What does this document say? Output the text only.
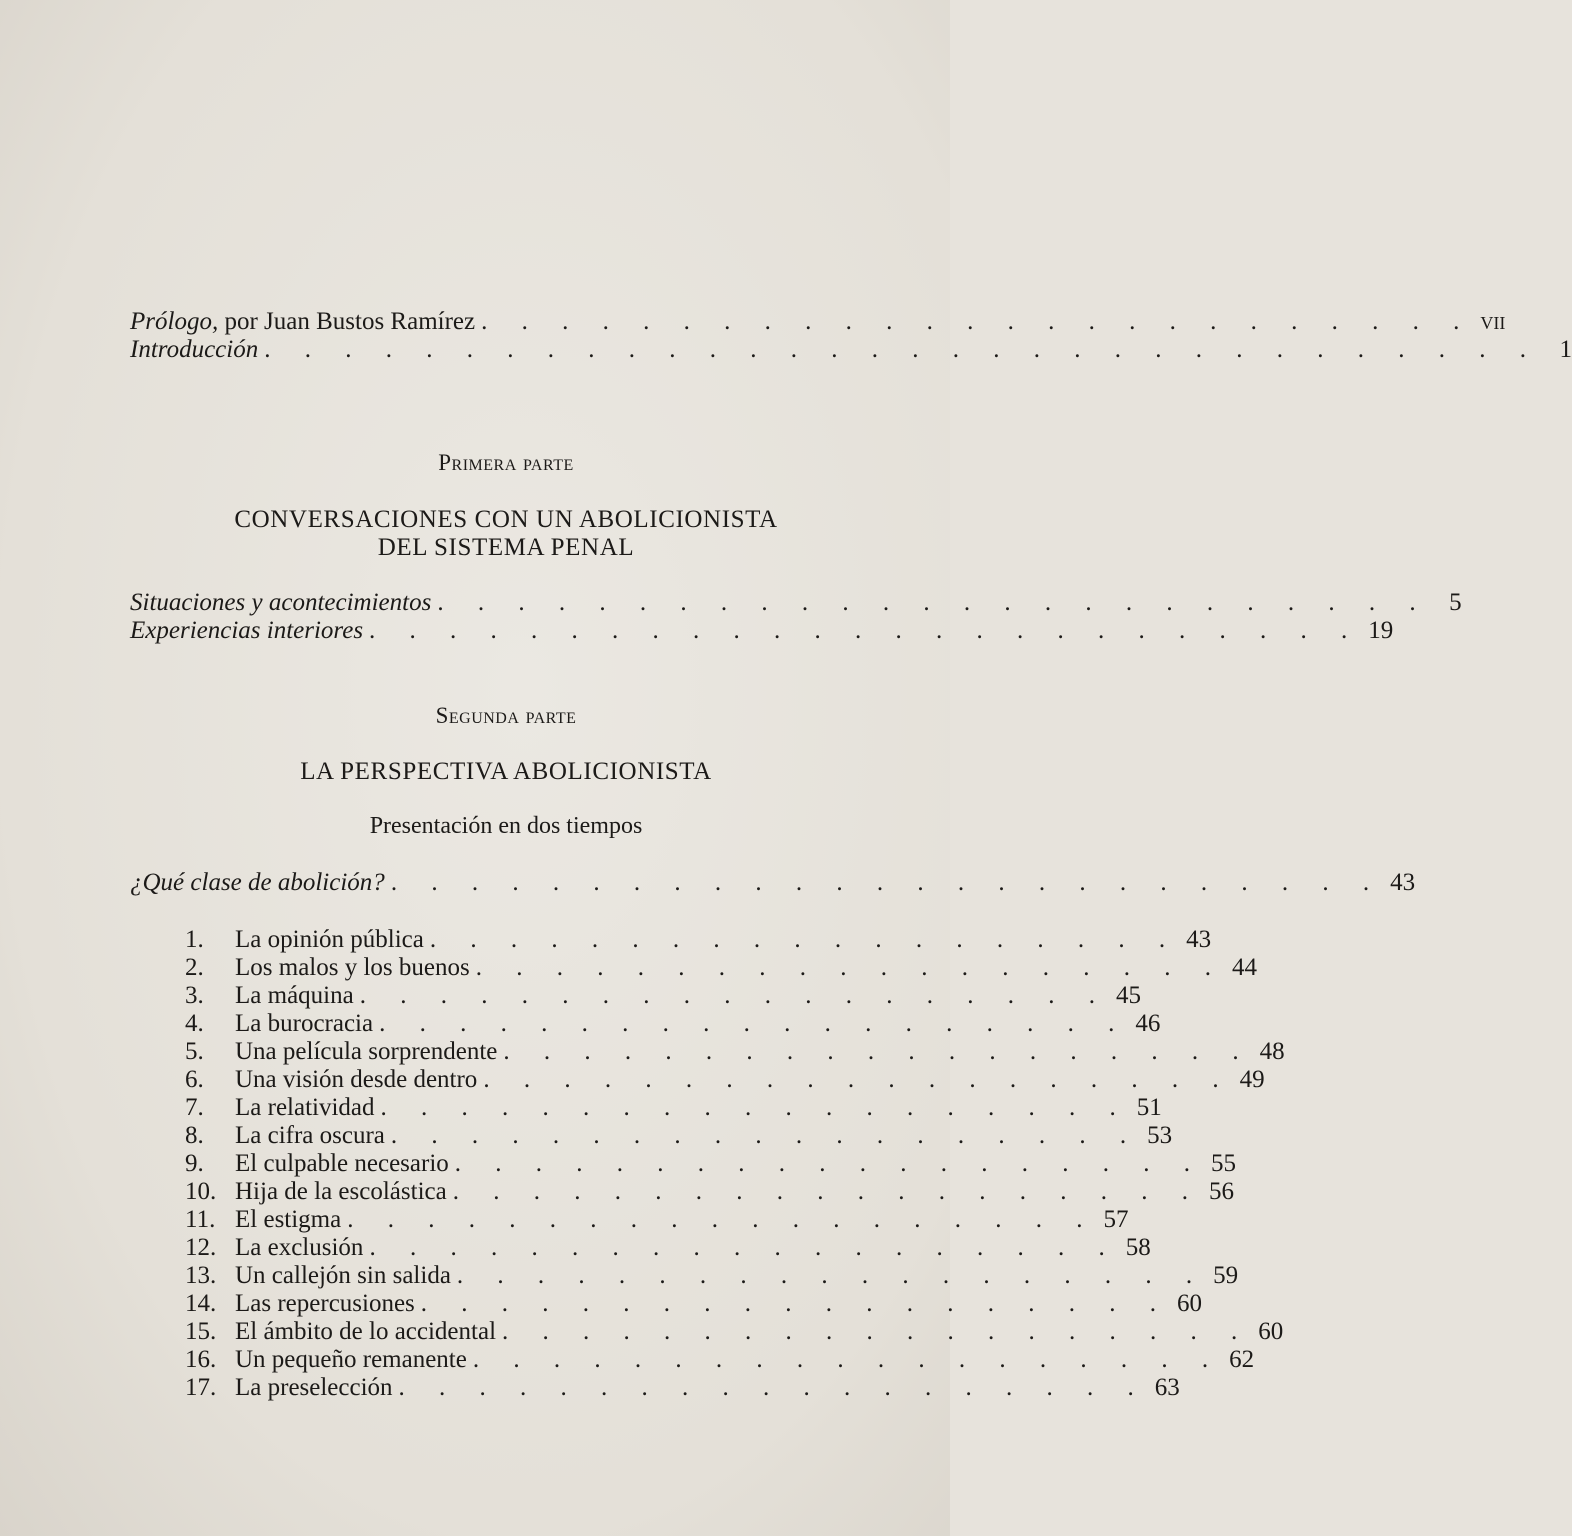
Prólogo, por Juan Bustos Ramírez . . . . . . . . . . . . . . . . . . . . . . . . . vii
Introducción . . . . . . . . . . . . . . . . . . . . . . . . . . . . . . . . 1
Primera parte
CONVERSACIONES CON UN ABOLICIONISTA
DEL SISTEMA PENAL
Situaciones y acontecimientos . . . . . . . . . . . . . . . . . . . . . . . . . 5
Experiencias interiores . . . . . . . . . . . . . . . . . . . . . . . . . 19
Segunda parte
LA PERSPECTIVA ABOLICIONISTA
Presentación en dos tiempos
¿Qué clase de abolición? . . . . . . . . . . . . . . . . . . . . . . . . . 43
1.	La opinión pública . . . . . . . . . . . . . . . . . . . 43
2.	Los malos y los buenos . . . . . . . . . . . . . . . . . . . 44
3.	La máquina . . . . . . . . . . . . . . . . . . . 45
4.	La burocracia . . . . . . . . . . . . . . . . . . . 46
5.	Una película sorprendente . . . . . . . . . . . . . . . . . . . 48
6.	Una visión desde dentro . . . . . . . . . . . . . . . . . . . 49
7.	La relatividad . . . . . . . . . . . . . . . . . . . 51
8.	La cifra oscura . . . . . . . . . . . . . . . . . . . 53
9.	El culpable necesario . . . . . . . . . . . . . . . . . . . 55
10. Hija de la escolástica . . . . . . . . . . . . . . . . . . . 56
11. El estigma . . . . . . . . . . . . . . . . . . . 57
12. La exclusión . . . . . . . . . . . . . . . . . . . 58
13. Un callejón sin salida . . . . . . . . . . . . . . . . . . . 59
14. Las repercusiones . . . . . . . . . . . . . . . . . . . 60
15. El ámbito de lo accidental . . . . . . . . . . . . . . . . . . . 60
16. Un pequeño remanente . . . . . . . . . . . . . . . . . . . 62
17. La preselección . . . . . . . . . . . . . . . . . . . 63
